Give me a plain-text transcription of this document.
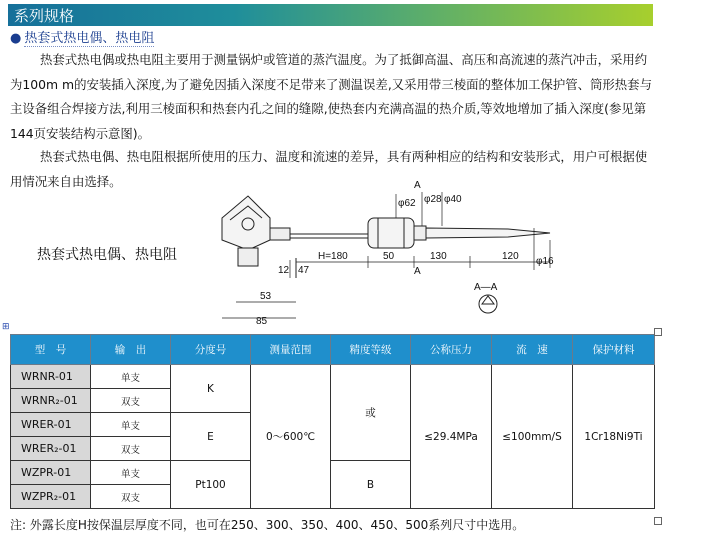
系列规格
● 热套式热电偶、热电阻
热套式热电偶或热电阻主要用于测量锅炉或管道的蒸汽温度。为了抵御高温、高压和高流速的蒸汽冲击，采用约为100m m的安装插入深度,为了避免因插入深度不足带来了测温误差,又采用带三棱面的整体加工保护管、筒形热套与主设备组合焊接方法,利用三棱面积和热套内孔之间的缝隙,使热套内充满高温的热介质,等效地增加了插入深度(参见第144页安装结构示意图)。
热套式热电偶、热电阻根据所使用的压力、温度和流速的差异，具有两种相应的结构和安装形式，用户可根据使用情况来自由选择。
热套式热电偶、热电阻	H=180	50	130	120
12 47
53
85
φ62 φ28 φ40
φ16
A
A
A—A
⊞
型　号	输　出	分度号	测量范围	精度等级	公称压力	流　速	保护材料
WRNR-01	单支	K	0～600℃	或	≤29.4MPa	≤100mm/S	1Cr18Ni9Ti
WRNR₂-01	双支						
WRER-01	单支	E					
WRER₂-01	双支						
WZPR-01	单支	Pt100		B			
WZPR₂-01	双支						
注: 外露长度H按保温层厚度不同，也可在250、300、350、400、450、500系列尺寸中选用。
